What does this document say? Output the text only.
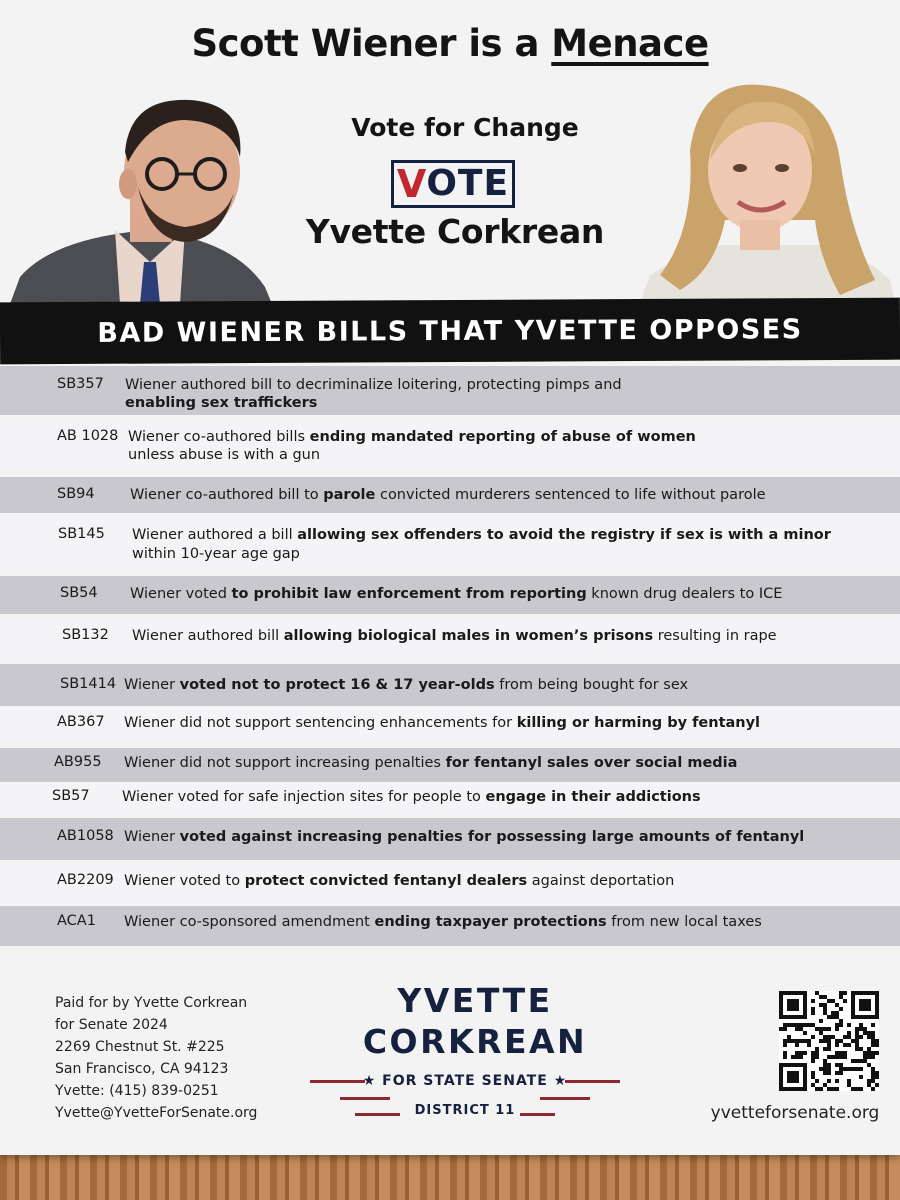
Scott Wiener is a Menace
Vote for Change
V OTE
Yvette Corkrean
BAD WIENER BILLS THAT YVETTE OPPOSES
SB357 Wiener authored bill to decriminalize loitering, protecting pimps and
enabling sex traffickers
AB 1028 Wiener co-authored bills ending mandated reporting of abuse of women
unless abuse is with a gun
SB94 Wiener co-authored bill to parole convicted murderers sentenced to life without parole
SB145 Wiener authored a bill allowing sex offenders to avoid the registry if sex is with a minor
within 10-year age gap
SB54 Wiener voted to prohibit law enforcement from reporting known drug dealers to ICE
SB132 Wiener authored bill allowing biological males in women’s prisons resulting in rape
SB1414 Wiener voted not to protect 16 & 17 year-olds from being bought for sex
AB367 Wiener did not support sentencing enhancements for killing or harming by fentanyl
AB955 Wiener did not support increasing penalties for fentanyl sales over social media
SB57 Wiener voted for safe injection sites for people to engage in their addictions
AB1058 Wiener voted against increasing penalties for possessing large amounts of fentanyl
AB2209 Wiener voted to protect convicted fentanyl dealers against deportation
ACA1 Wiener co-sponsored amendment ending taxpayer protections from new local taxes
Paid for by Yvette Corkrean
for Senate 2024
2269 Chestnut St. #225
San Francisco, CA 94123
Yvette: (415) 839-0251
Yvette@YvetteForSenate.org
YVETTE
CORKREAN
★ FOR STATE SENATE ★
DISTRICT 11	yvetteforsenate.org
